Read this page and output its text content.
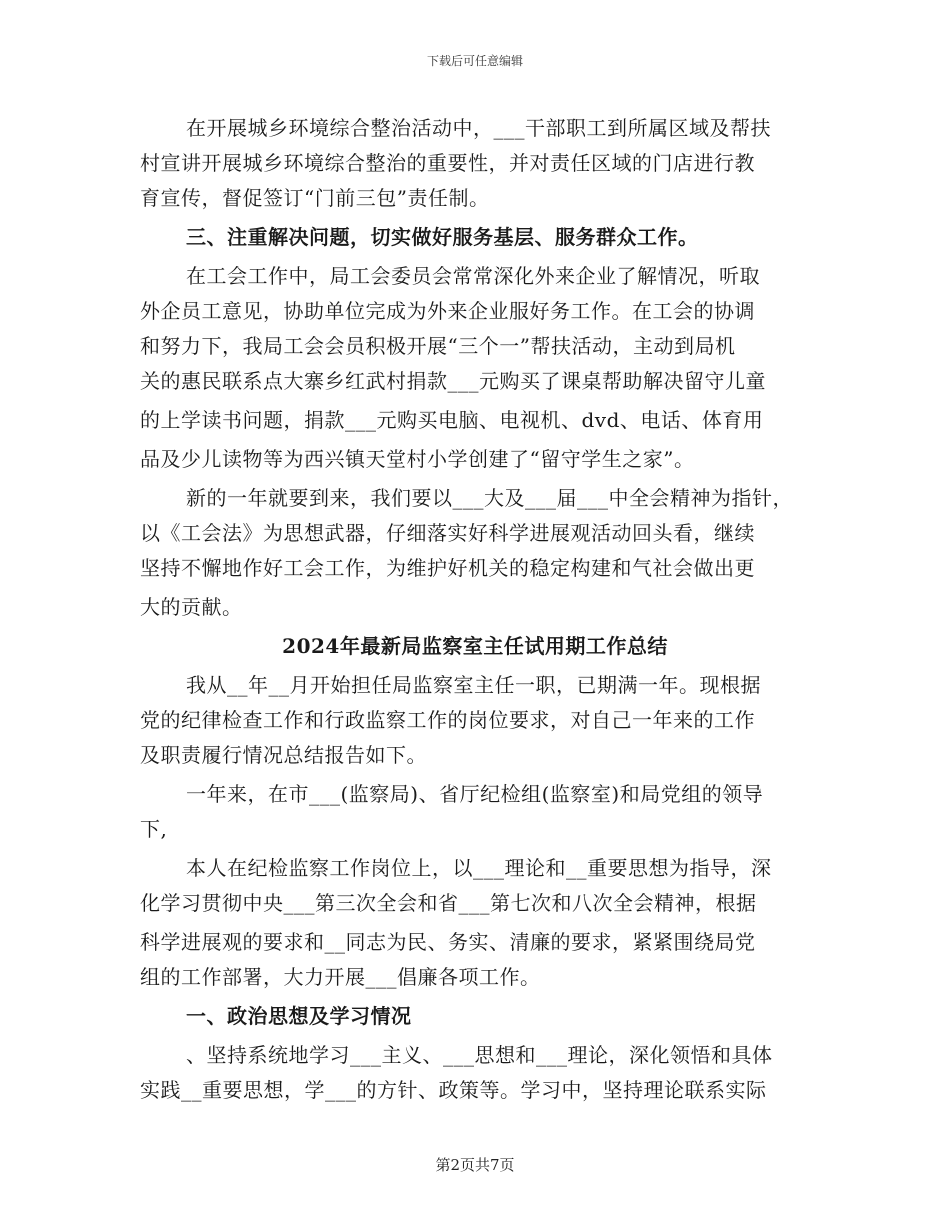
下载后可任意编辑
在开展城乡环境综合整治活动中，___干部职工到所属区域及帮扶
村宣讲开展城乡环境综合整治的重要性，并对责任区域的门店进行教
育宣传，督促签订“门前三包”责任制。
三、注重解决问题，切实做好服务基层、服务群众工作。
在工会工作中，局工会委员会常常深化外来企业了解情况，听取
外企员工意见，协助单位完成为外来企业服好务工作。在工会的协调
和努力下，我局工会会员积极开展“三个一”帮扶活动，主动到局机
关的惠民联系点大寨乡红武村捐款___元购买了课桌帮助解决留守儿童
的上学读书问题，捐款___元购买电脑、电视机、dvd、电话、体育用
品及少儿读物等为西兴镇天堂村小学创建了“留守学生之家”。
新的一年就要到来，我们要以___大及___届___中全会精神为指针，
以《工会法》为思想武器，仔细落实好科学进展观活动回头看，继续
坚持不懈地作好工会工作，为维护好机关的稳定构建和气社会做出更
大的贡献。
2024年最新局监察室主任试用期工作总结
我从__年__月开始担任局监察室主任一职，已期满一年。现根据
党的纪律检查工作和行政监察工作的岗位要求，对自己一年来的工作
及职责履行情况总结报告如下。
一年来，在市___(监察局)、省厅纪检组(监察室)和局党组的领导
下,
本人在纪检监察工作岗位上，以___理论和__重要思想为指导，深
化学习贯彻中央___第三次全会和省___第七次和八次全会精神，根据
科学进展观的要求和__同志为民、务实、清廉的要求，紧紧围绕局党
组的工作部署，大力开展___倡廉各项工作。
一、政治思想及学习情况
、坚持系统地学习___主义、___思想和___理论，深化领悟和具体
实践__重要思想，学___的方针、政策等。学习中，坚持理论联系实际
第2页共7页
